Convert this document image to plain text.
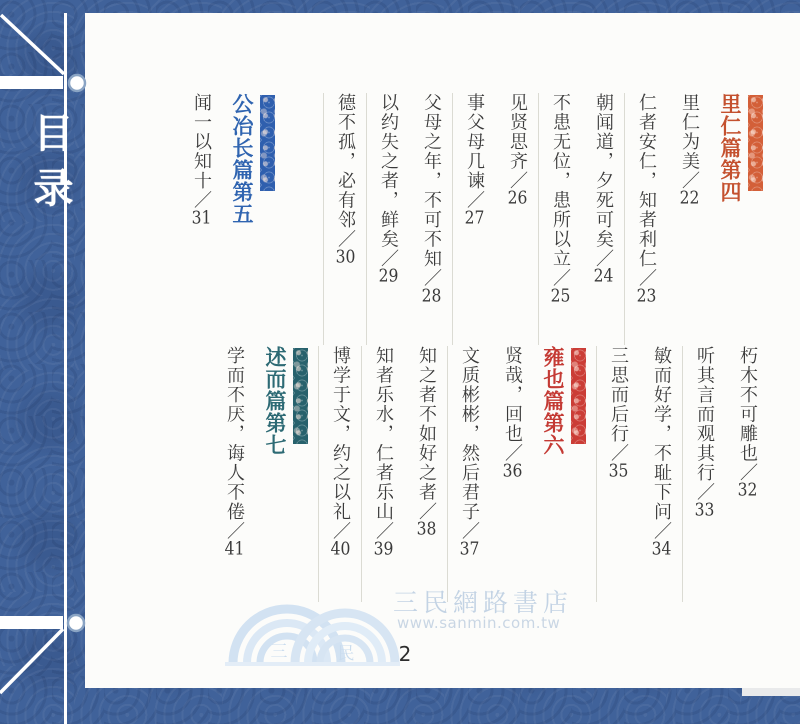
目录	里仁篇第四
里仁为美／22
仁者安仁，知者利仁／23
朝闻道，夕死可矣／24
不患无位，患所以立／25
见贤思齐／26
事父母几谏／27
父母之年，不可不知／28
以约失之者，鲜矣／29
德不孤，必有邻／30
公冶长篇第五
闻一以知十／31
朽木不可雕也／32
听其言而观其行／33
敏而好学，不耻下问／34
三思而后行／35
雍也篇第六
贤哉，回也／36
文质彬彬，然后君子／37
知之者不如好之者／38
知者乐水，仁者乐山／39
博学于文，约之以礼／40
述而篇第七
学而不厌，诲人不倦／41
三	民
三民網路書店
www.sanmin.com.tw
2
